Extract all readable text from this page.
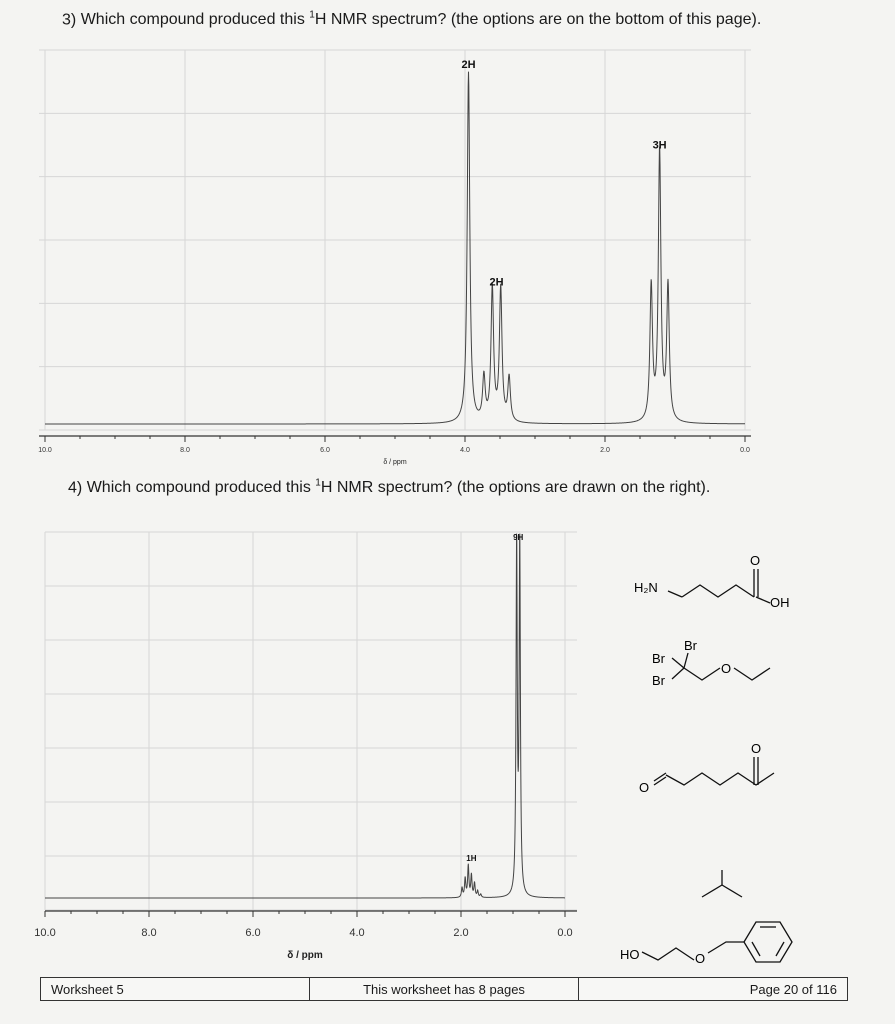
3) Which compound produced this $^1$H NMR spectrum? (the options are on the bottom of this page).
10.0	8.0	6.0	4.0	2.0	0.0
δ / ppm
2H
2H
3H
4) Which compound produced this $^1$H NMR spectrum? (the options are drawn on the right).
10.0	8.0	6.0	4.0	2.0	0.0
δ / ppm
9H
1H
H₂N
O
OH
Br
Br
Br
O
O
O
HO	O
Worksheet 5	This worksheet has 8 pages	Page 20 of 116
